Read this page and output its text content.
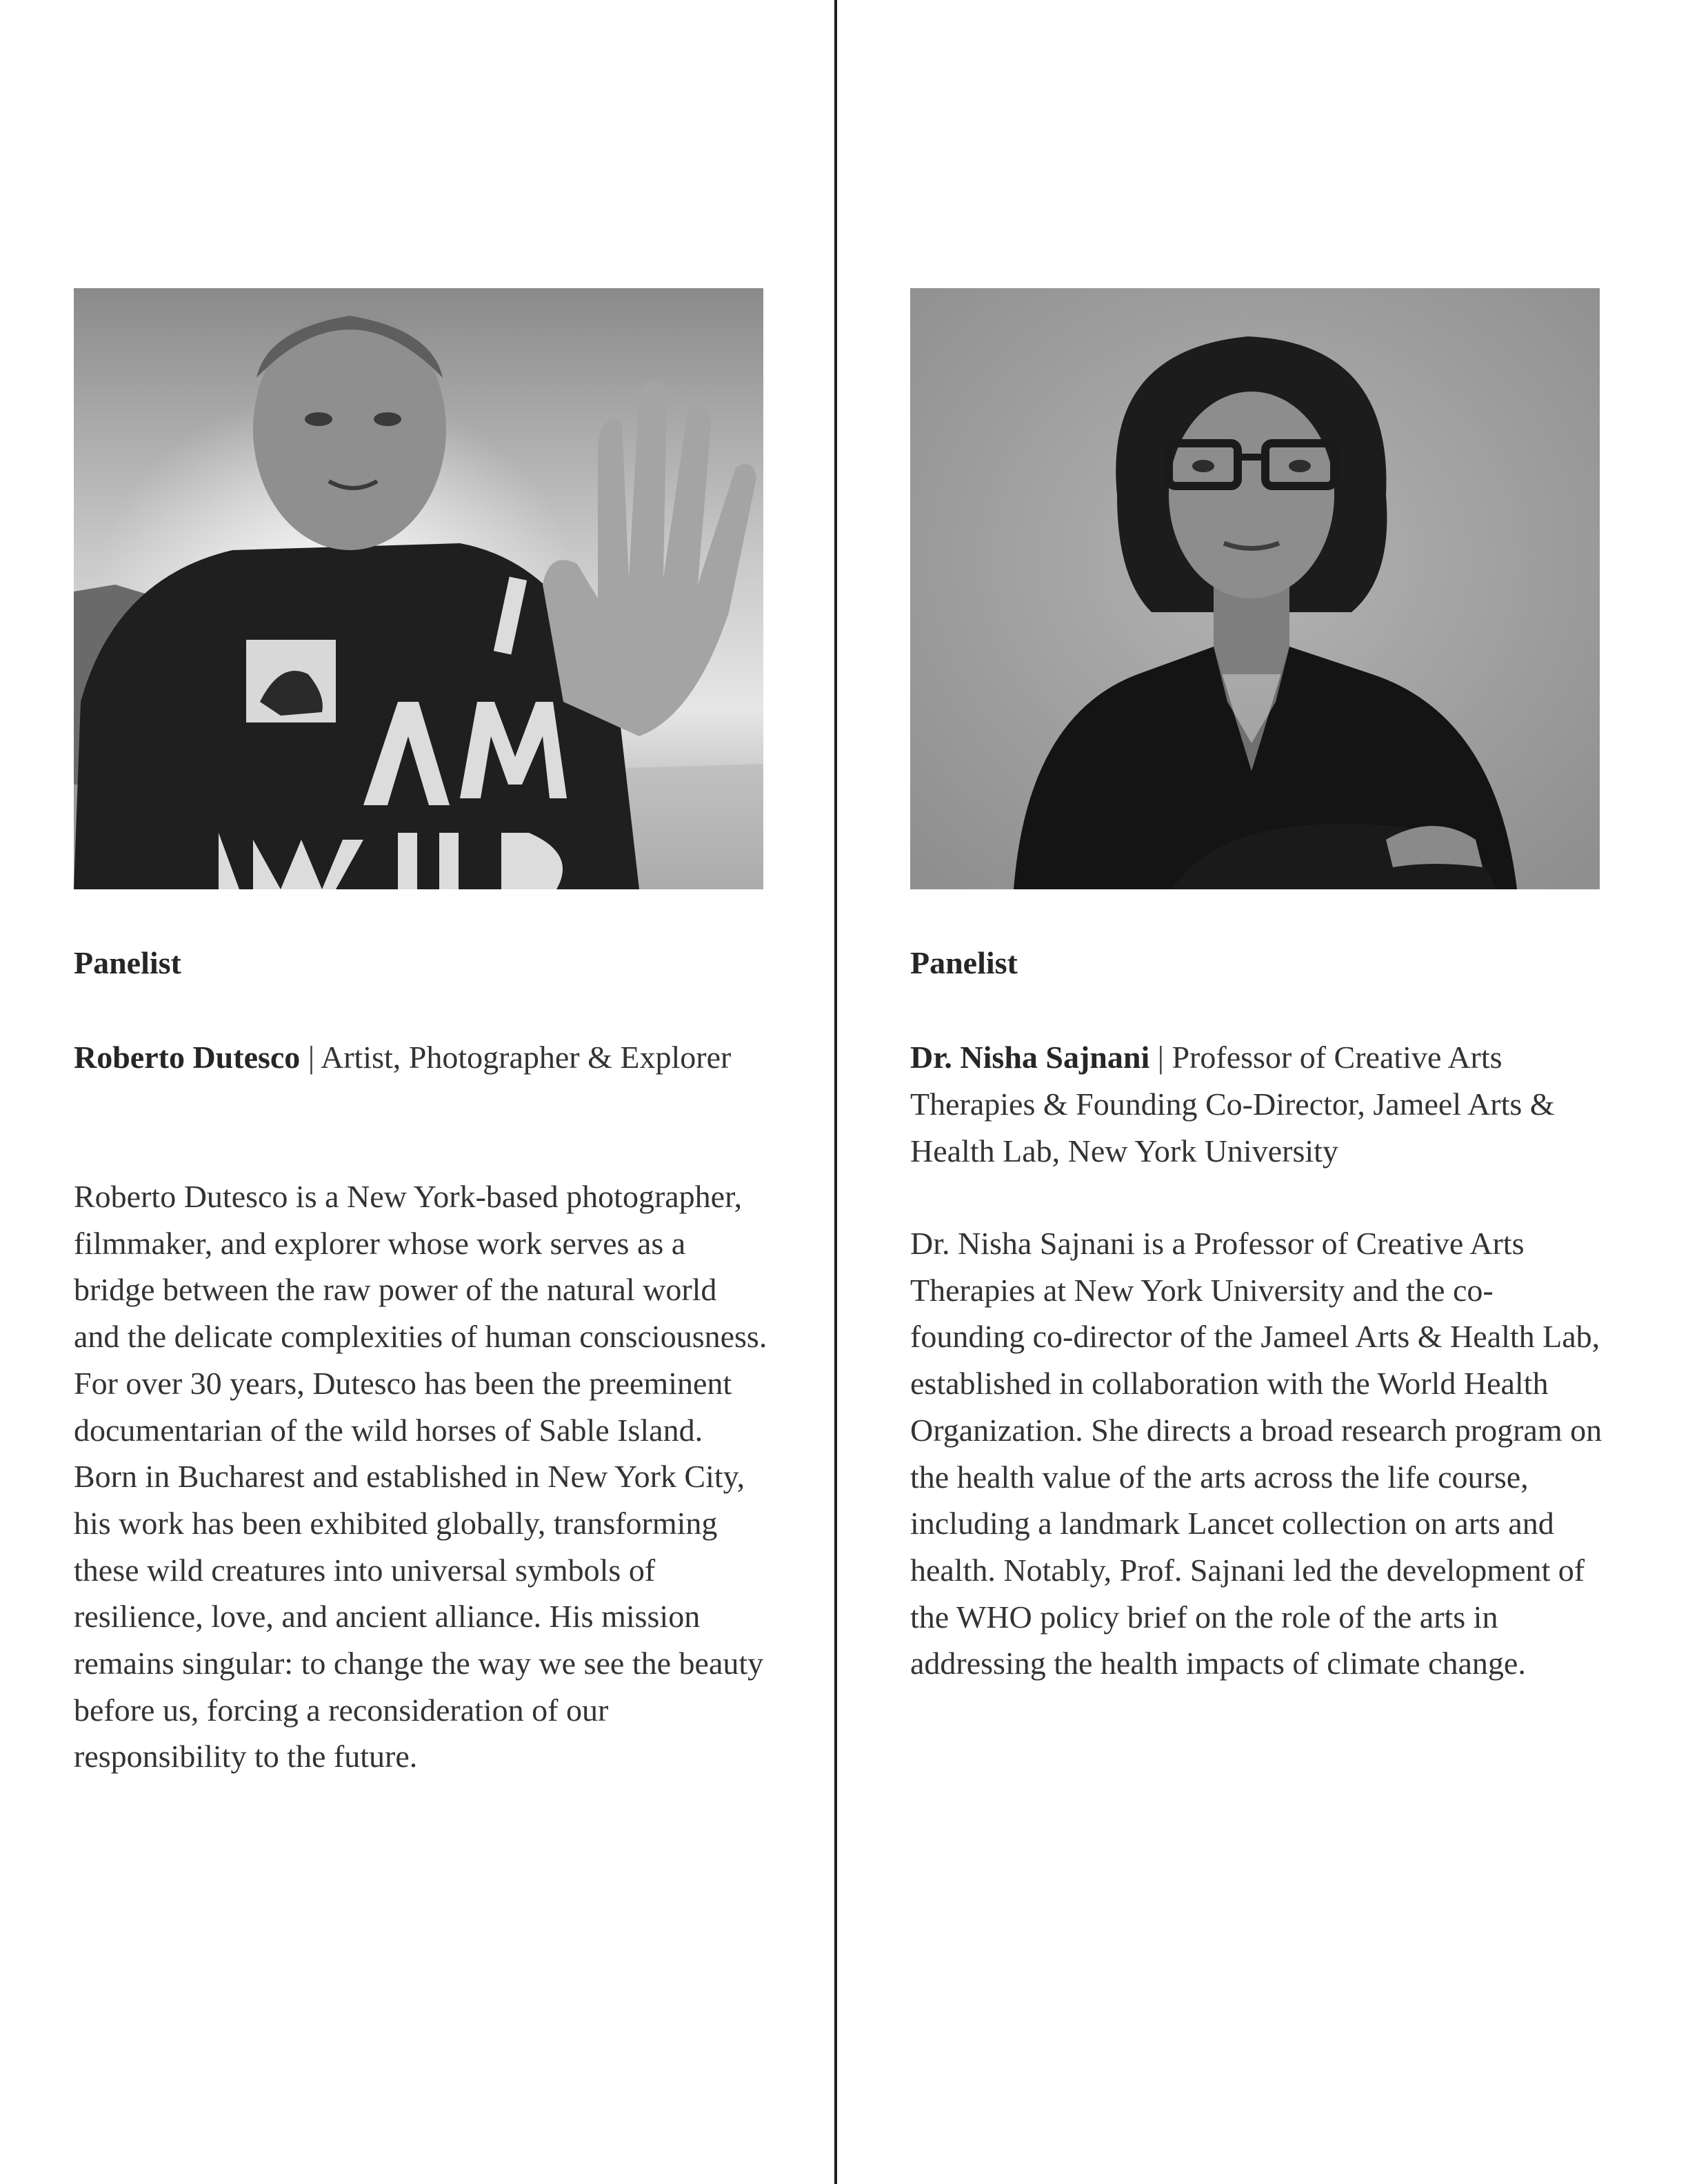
Panelist

Roberto Dutesco | Artist, Photographer & Explorer

Roberto Dutesco is a New York-based photographer, filmmaker, and explorer whose work serves as a bridge between the raw power of the natural world and the delicate complexities of human consciousness. For over 30 years, Dutesco has been the preeminent documentarian of the wild horses of Sable Island. Born in Bucharest and established in New York City, his work has been exhibited globally, transforming these wild creatures into universal symbols of resilience, love, and ancient alliance. His mission remains singular: to change the way we see the beauty before us, forcing a reconsideration of our responsibility to the future.

Panelist

Dr. Nisha Sajnani | Professor of Creative Arts Therapies & Founding Co-Director, Jameel Arts & Health Lab, New York University

Dr. Nisha Sajnani is a Professor of Creative Arts Therapies at New York University and the co-founding co-director of the Jameel Arts & Health Lab, established in collaboration with the World Health Organization. She directs a broad research program on the health value of the arts across the life course, including a landmark Lancet collection on arts and health. Notably, Prof. Sajnani led the development of the WHO policy brief on the role of the arts in addressing the health impacts of climate change.
